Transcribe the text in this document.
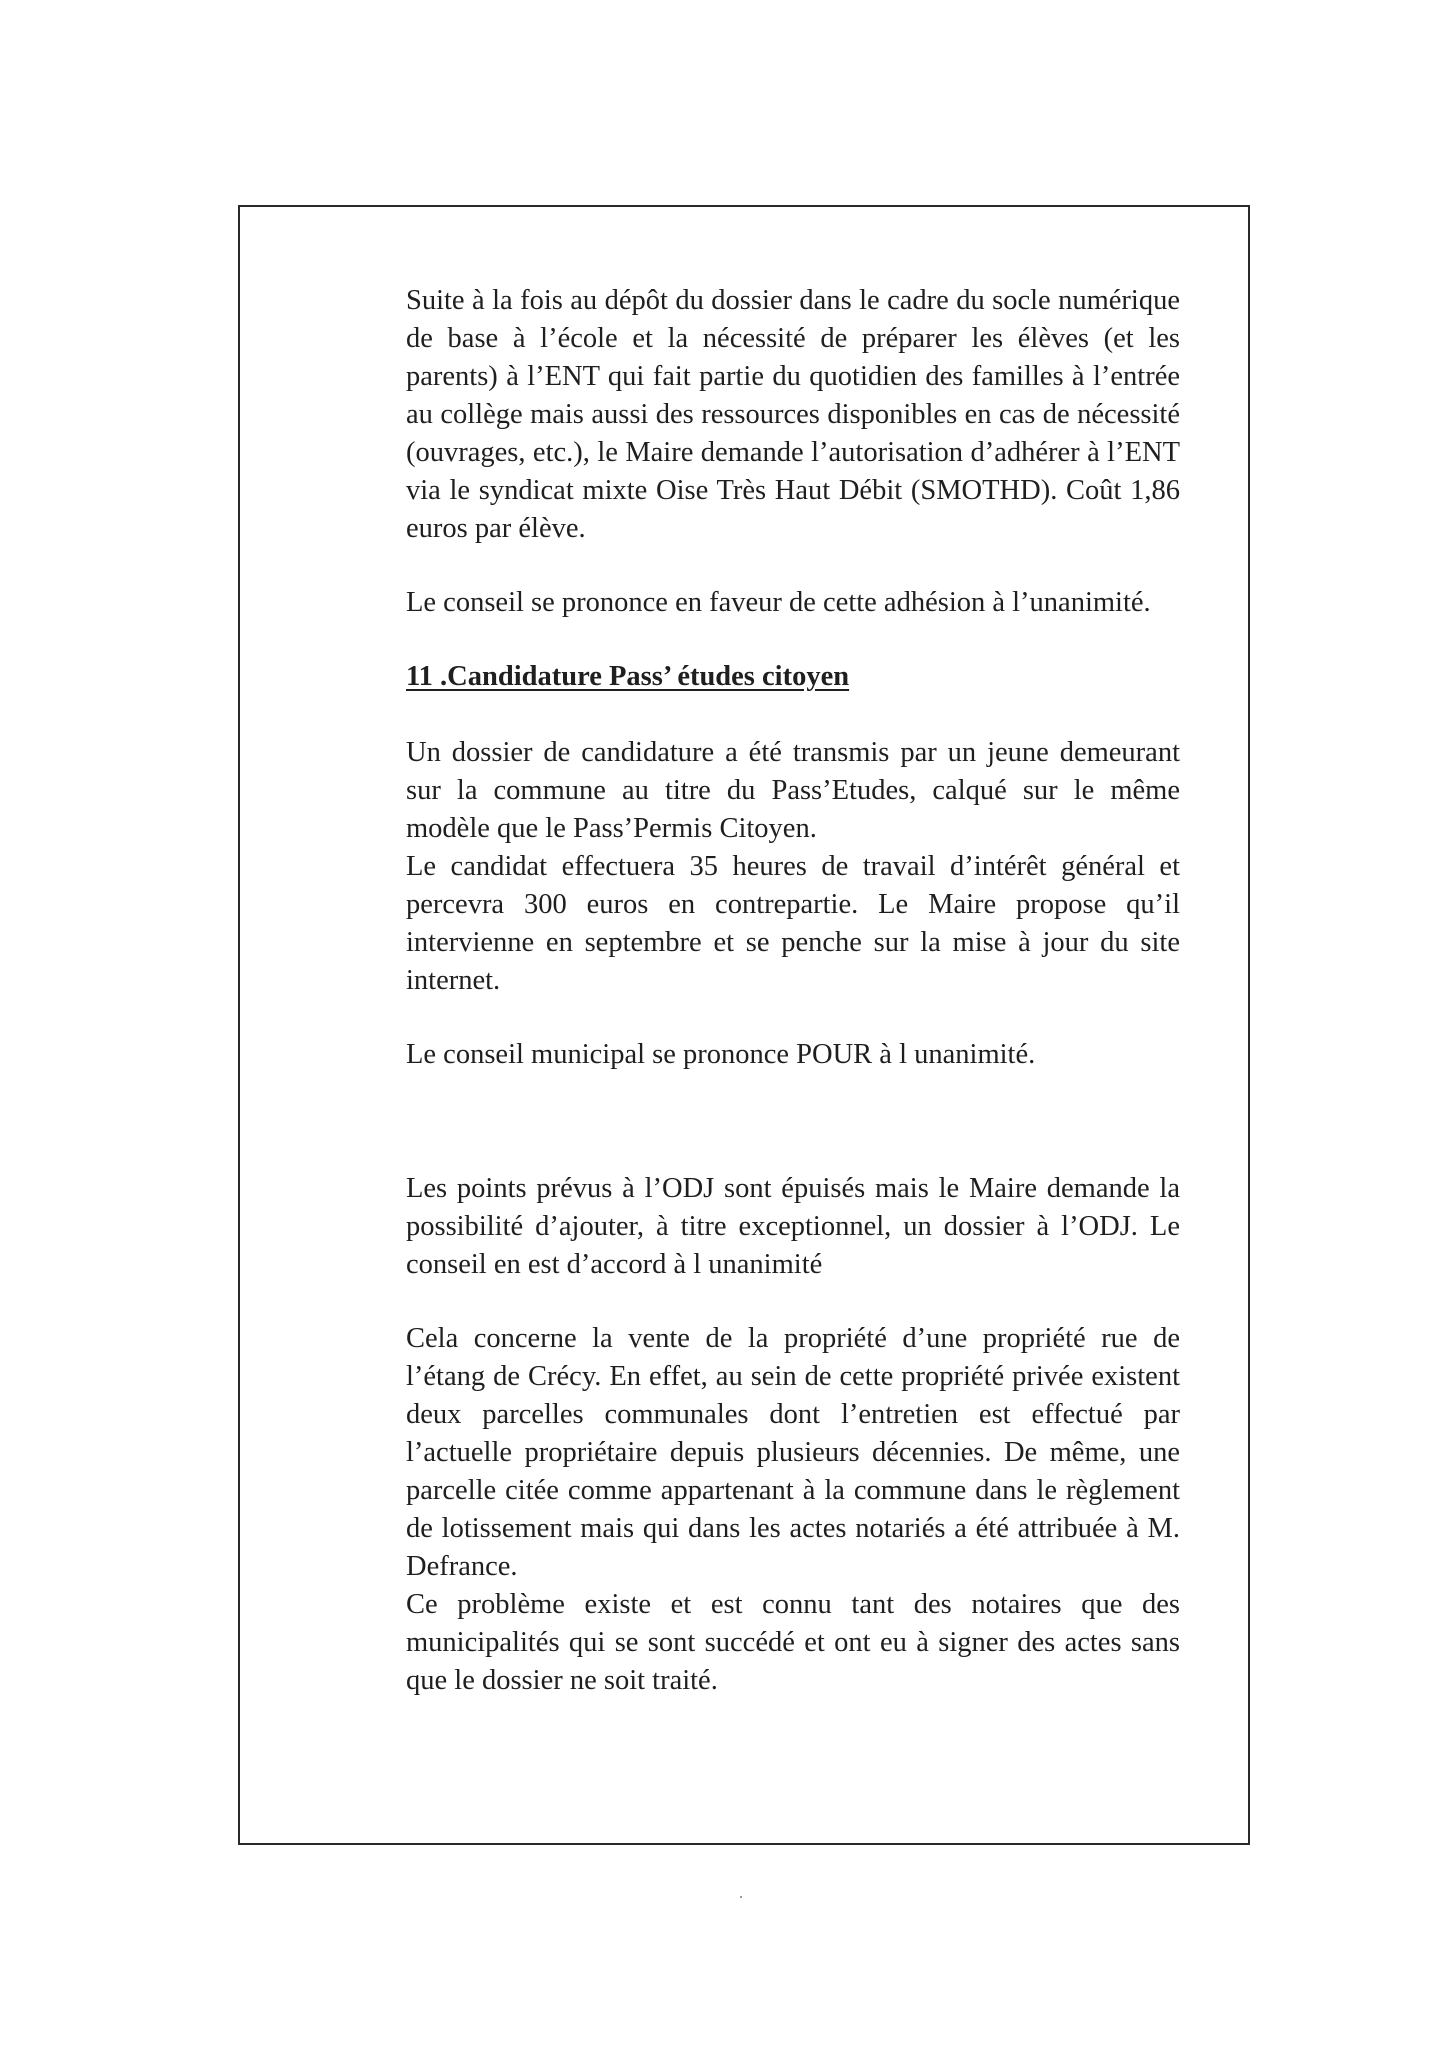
Suite à la fois au dépôt du dossier dans le cadre du socle numérique de base à l’école et la nécessité de préparer les élèves (et les parents) à l’ENT qui fait partie du quotidien des familles à l’entrée au collège mais aussi des ressources disponibles en cas de nécessité (ouvrages, etc.), le Maire demande l’autorisation d’adhérer à l’ENT via le syndicat mixte Oise Très Haut Débit (SMOTHD). Coût 1,86 euros par élève.

Le conseil se prononce en faveur de cette adhésion à l’unanimité.

11 .Candidature Pass’ études citoyen

Un dossier de candidature a été transmis par un jeune demeurant sur la commune au titre du Pass’Etudes, calqué sur le même modèle que le Pass’Permis Citoyen.

Le candidat effectuera 35 heures de travail d’intérêt général et percevra 300 euros en contrepartie. Le Maire propose qu’il intervienne en septembre et se penche sur la mise à jour du site internet.

Le conseil municipal se prononce POUR à l unanimité.

Les points prévus à l’ODJ sont épuisés mais le Maire demande la possibilité d’ajouter, à titre exceptionnel, un dossier à l’ODJ. Le conseil en est d’accord à l unanimité

Cela concerne la vente de la propriété d’une propriété rue de l’étang de Crécy. En effet, au sein de cette propriété privée existent deux parcelles communales dont l’entretien est effectué par l’actuelle propriétaire depuis plusieurs décennies. De même, une parcelle citée comme appartenant à la commune dans le règlement de lotissement mais qui dans les actes notariés a été attribuée à M. Defrance.

Ce problème existe et est connu tant des notaires que des municipalités qui se sont succédé et ont eu à signer des actes sans que le dossier ne soit traité.
